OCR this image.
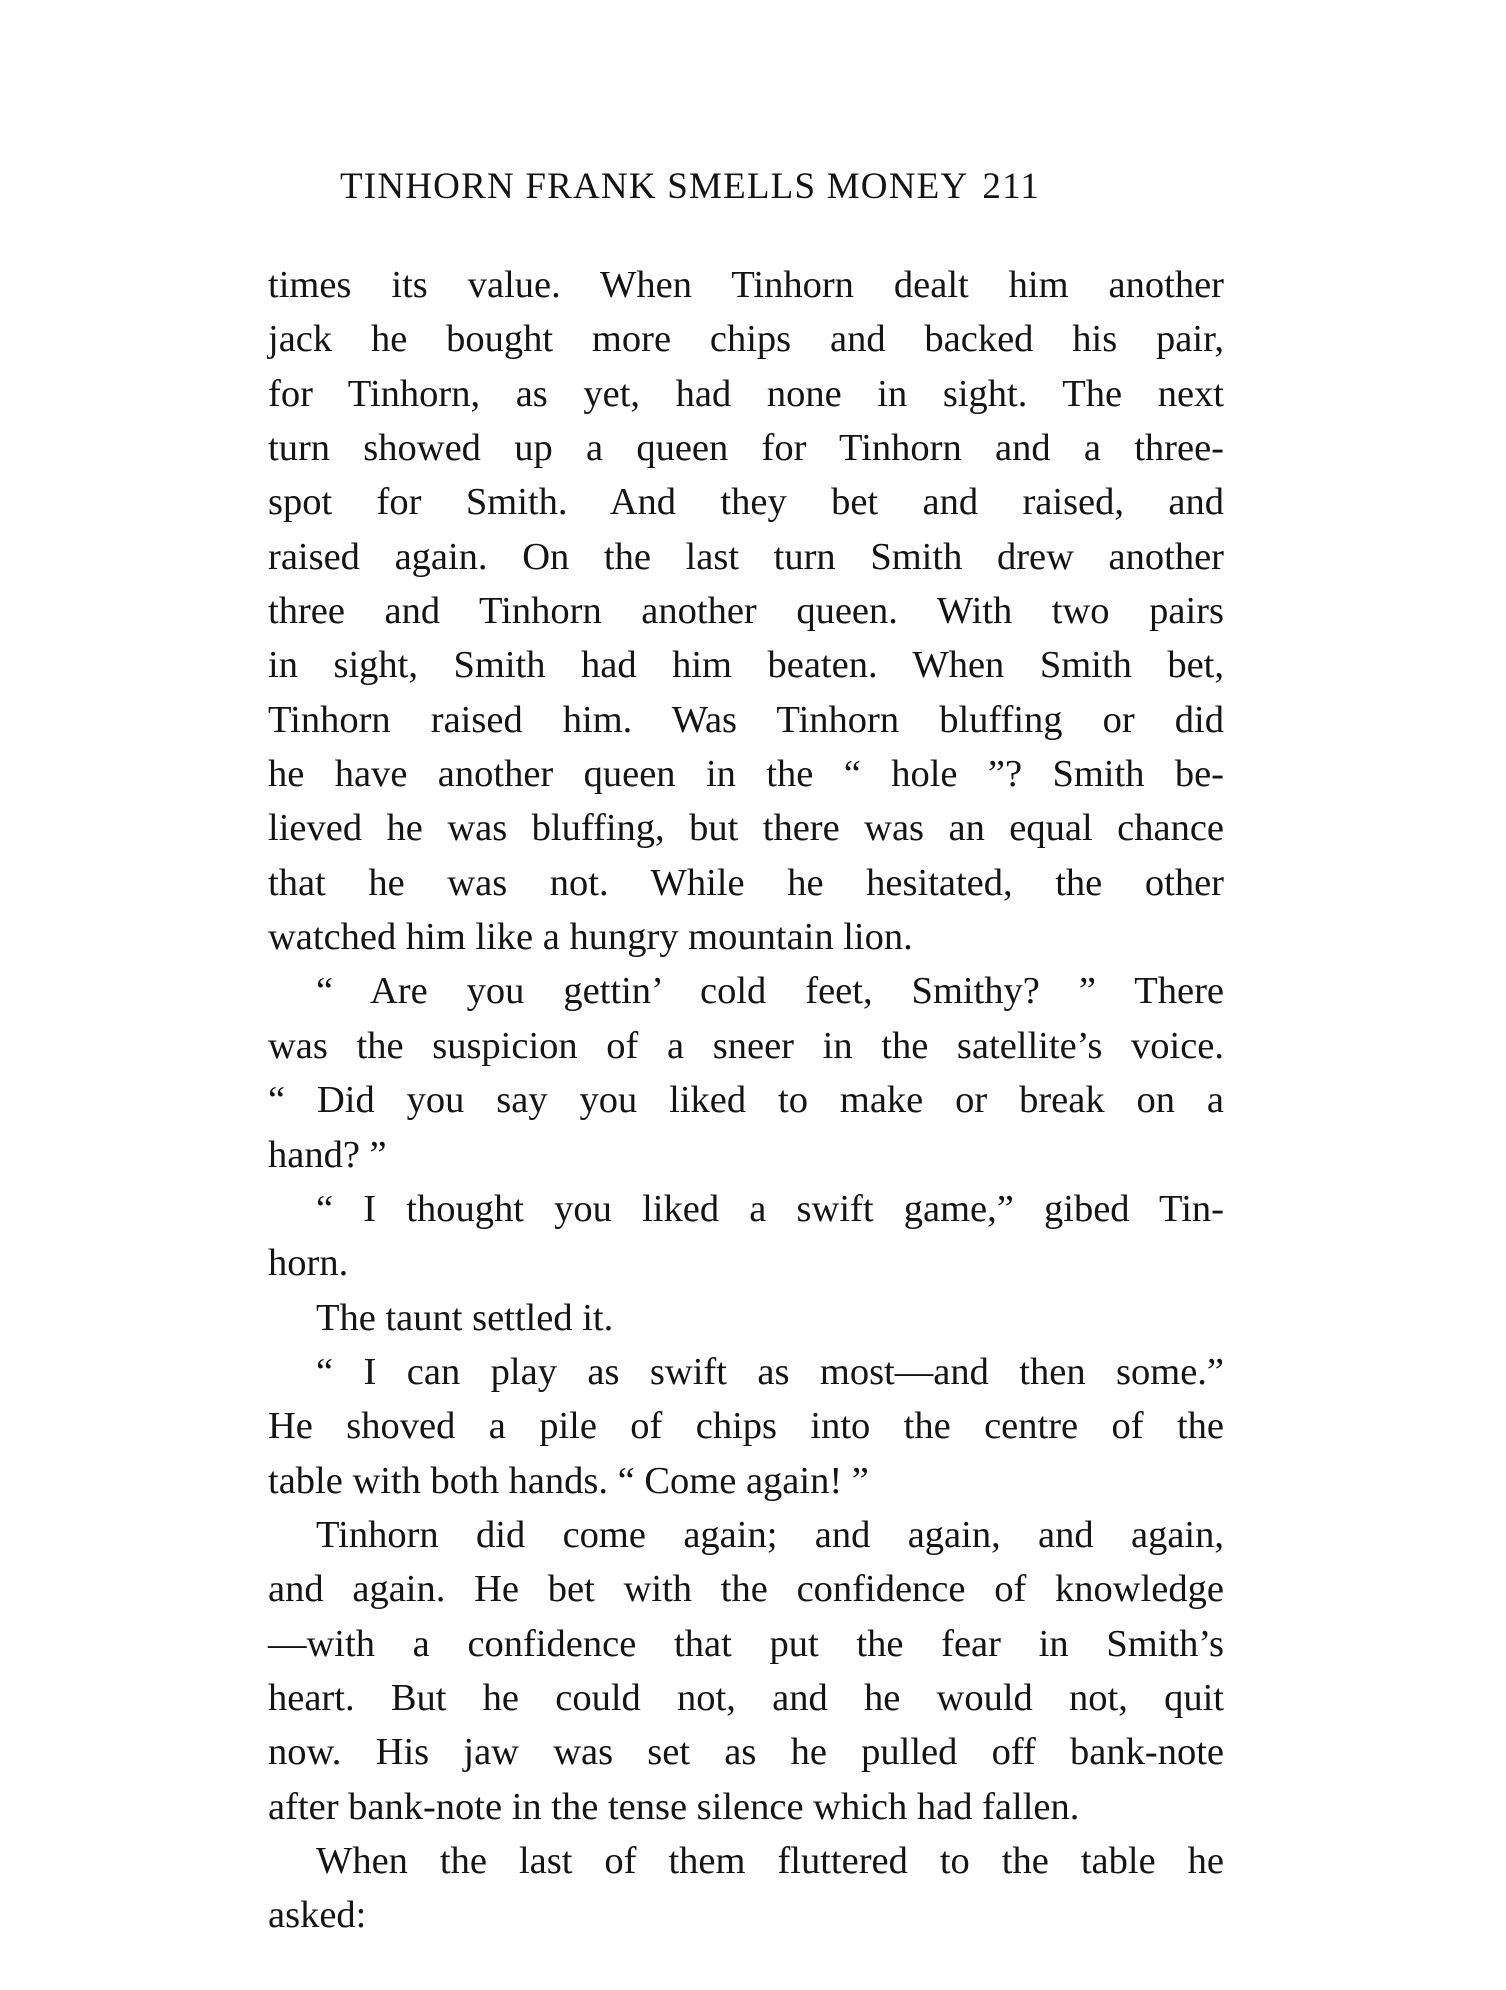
TINHORN FRANK SMELLS MONEY 211
times its value. When Tinhorn dealt him another
jack he bought more chips and backed his pair,
for Tinhorn, as yet, had none in sight. The next
turn showed up a queen for Tinhorn and a three-
spot for Smith. And they bet and raised, and
raised again. On the last turn Smith drew another
three and Tinhorn another queen. With two pairs
in sight, Smith had him beaten. When Smith bet,
Tinhorn raised him. Was Tinhorn bluffing or did
he have another queen in the “ hole ”? Smith be-
lieved he was bluffing, but there was an equal chance
that he was not. While he hesitated, the other
watched him like a hungry mountain lion.
“ Are you gettin’ cold feet, Smithy? ” There
was the suspicion of a sneer in the satellite’s voice.
“ Did you say you liked to make or break on a
hand? ”
“ I thought you liked a swift game,” gibed Tin-
horn.
The taunt settled it.
“ I can play as swift as most—and then some.”
He shoved a pile of chips into the centre of the
table with both hands. “ Come again! ”
Tinhorn did come again; and again, and again,
and again. He bet with the confidence of knowledge
—with a confidence that put the fear in Smith’s
heart. But he could not, and he would not, quit
now. His jaw was set as he pulled off bank-note
after bank-note in the tense silence which had fallen.
When the last of them fluttered to the table he
asked:
